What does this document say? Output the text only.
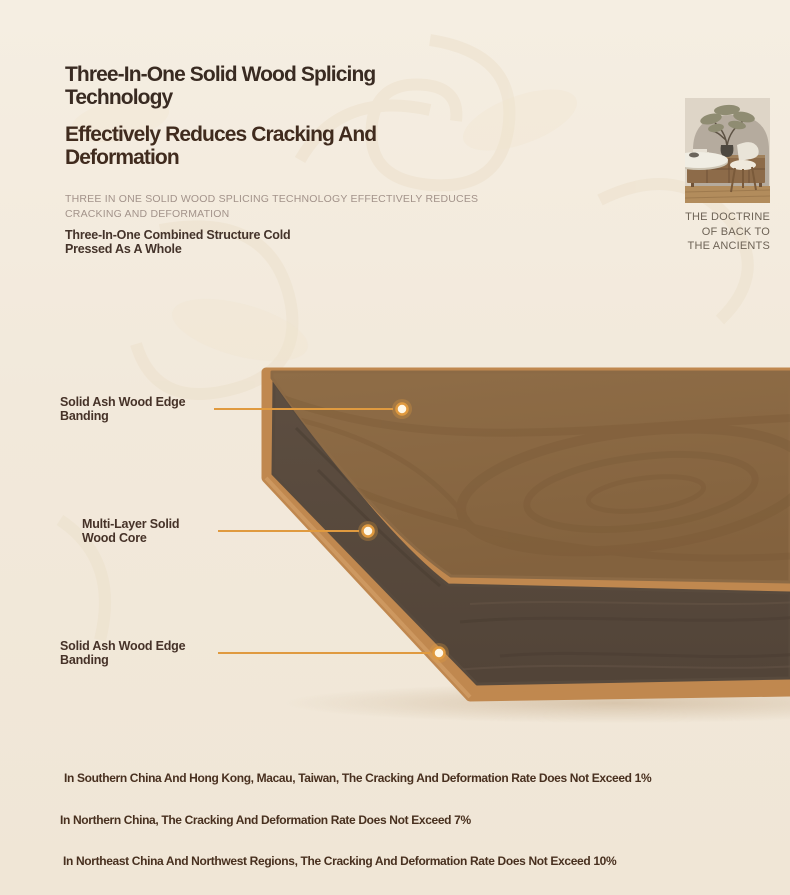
Three-In-One Solid Wood Splicing Technology
Effectively Reduces Cracking And Deformation
THREE IN ONE SOLID WOOD SPLICING TECHNOLOGY EFFECTIVELY REDUCES CRACKING AND DEFORMATION
Three-In-One Combined Structure Cold Pressed As A Whole
THE DOCTRINE
OF BACK TO
THE ANCIENTS
Solid Ash Wood Edge Banding
Multi-Layer Solid Wood Core
Solid Ash Wood Edge Banding
In Southern China And Hong Kong, Macau, Taiwan, The Cracking And Deformation Rate Does Not Exceed 1%
In Northern China, The Cracking And Deformation Rate Does Not Exceed 7%
In Northeast China And Northwest Regions, The Cracking And Deformation Rate Does Not Exceed 10%
